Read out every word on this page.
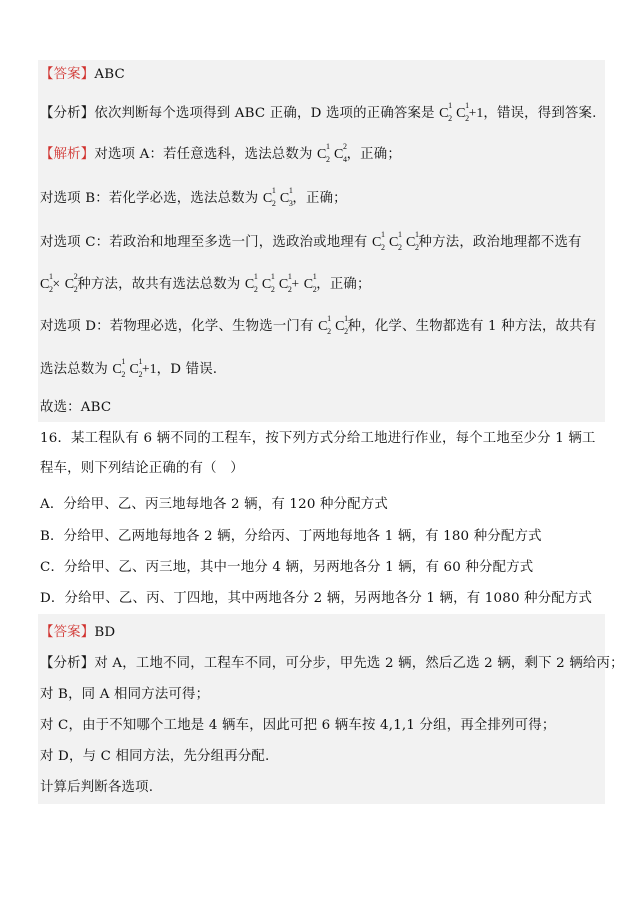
【答案】ABC
【分析】依次判断每个选项得到 ABC 正确，D 选项的正确答案是 C
1
2 C
1
2 +1，错误，得到答案.
【解析】对选项 A：若任意选科，选法总数为 C
1
2 C
2
4 ，正确；
对选项 B：若化学必选，选法总数为 C
1
2 C
1
3 ，正确；
对选项 C：若政治和地理至多选一门，选政治或地理有 C
1
2 C
1
2 C
1
2 种方法，政治地理都不选有
C
1
2 × C
2
2 种方法，故共有选法总数为 C
1
2 C
1
2 C
1
2 + C
1
2 ，正确；
对选项 D：若物理必选，化学、生物选一门有 C
1
2 C
1
2 种，化学、生物都选有 1 种方法，故共有
选法总数为 C
1
2 C
1
2 +1，D 错误.
故选：ABC
16．某工程队有 6 辆不同的工程车，按下列方式分给工地进行作业，每个工地至少分 1 辆工
程车，则下列结论正确的有（　）
A．分给甲、乙、丙三地每地各 2 辆，有 120 种分配方式
B．分给甲、乙两地每地各 2 辆，分给丙、丁两地每地各 1 辆，有 180 种分配方式
C．分给甲、乙、丙三地，其中一地分 4 辆，另两地各分 1 辆，有 60 种分配方式
D．分给甲、乙、丙、丁四地，其中两地各分 2 辆，另两地各分 1 辆，有 1080 种分配方式
【答案】BD
【分析】对 A，工地不同，工程车不同，可分步，甲先选 2 辆，然后乙选 2 辆，剩下 2 辆给丙；
对 B，同 A 相同方法可得；
对 C，由于不知哪个工地是 4 辆车，因此可把 6 辆车按 4,1,1 分组，再全排列可得；
对 D，与 C 相同方法，先分组再分配.
计算后判断各选项.
